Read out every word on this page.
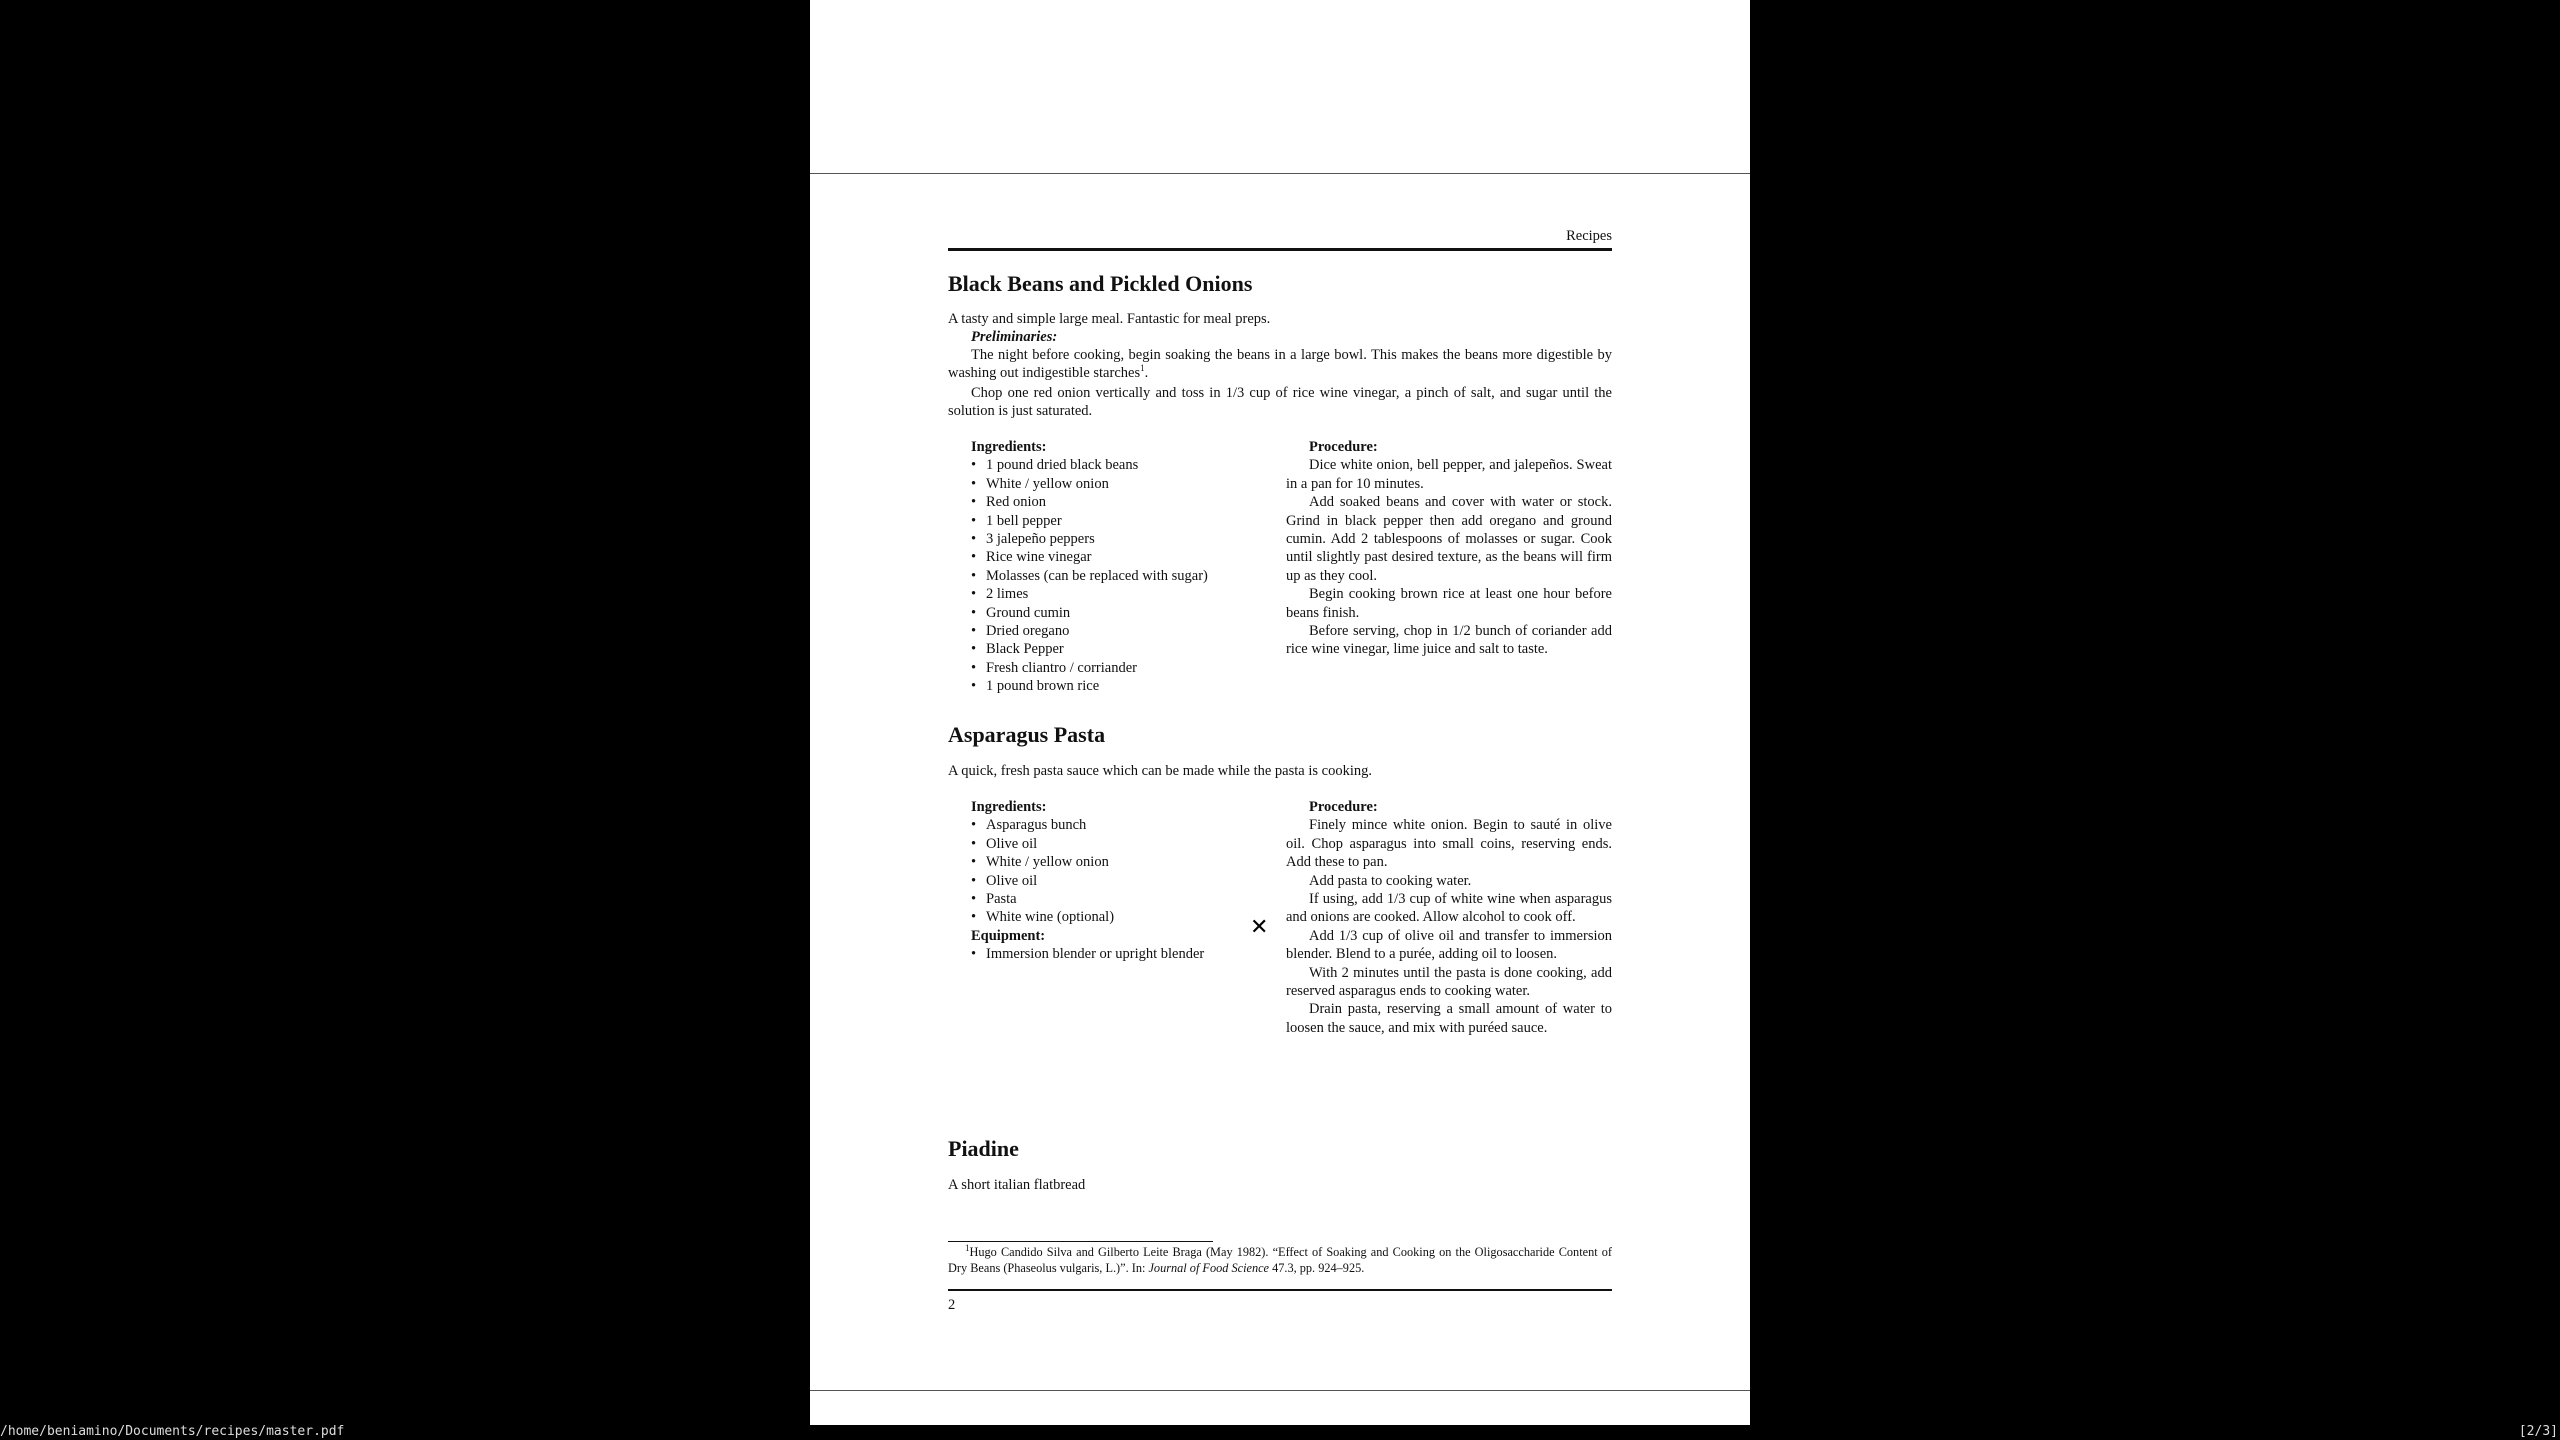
Recipes
Black Beans and Pickled Onions

A tasty and simple large meal. Fantastic for meal preps.

Preliminaries:

The night before cooking, begin soaking the beans in a large bowl. This makes the beans more digestible by washing out indigestible starches$^1$.

Chop one red onion vertically and toss in 1/3 cup of rice wine vinegar, a pinch of salt, and sugar until the solution is just saturated.

Ingredients:

• 1 pound dried black beans
• White / yellow onion
• Red onion
• 1 bell pepper
• 3 jalepeño peppers
• Rice wine vinegar
• Molasses (can be replaced with sugar)
• 2 limes
• Ground cumin
• Dried oregano
• Black Pepper
• Fresh cliantro / corriander
• 1 pound brown rice

Procedure:

Dice white onion, bell pepper, and jalepeños. Sweat in a pan for 10 minutes.

Add soaked beans and cover with water or stock. Grind in black pepper then add oregano and ground cumin. Add 2 tablespoons of molasses or sugar. Cook until slightly past desired texture, as the beans will firm up as they cool.

Begin cooking brown rice at least one hour before beans finish.

Before serving, chop in 1/2 bunch of coriander add rice wine vinegar, lime juice and salt to taste.

Asparagus Pasta

A quick, fresh pasta sauce which can be made while the pasta is cooking.

Ingredients:

• Asparagus bunch
• Olive oil
• White / yellow onion
• Olive oil
• Pasta
• White wine (optional)

Equipment:

• Immersion blender or upright blender

Procedure:

Finely mince white onion. Begin to sauté in olive oil. Chop asparagus into small coins, reserving ends. Add these to pan.

Add pasta to cooking water.

If using, add 1/3 cup of white wine when asparagus and onions are cooked. Allow alcohol to cook off.

Add 1/3 cup of olive oil and transfer to immersion blender. Blend to a purée, adding oil to loosen.

With 2 minutes until the pasta is done cooking, add reserved asparagus ends to cooking water.

Drain pasta, reserving a small amount of water to loosen the sauce, and mix with puréed sauce.

Piadine

A short italian flatbread

$^1$Hugo Candido Silva and Gilberto Leite Braga (May 1982). “Effect of Soaking and Cooking on the Oligosaccharide Content of Dry Beans (Phaseolus vulgaris, L.)”. In: Journal of Food Science 47.3, pp. 924–925.

2
✕
/home/beniamino/Documents/recipes/master.pdf	[2/3]
